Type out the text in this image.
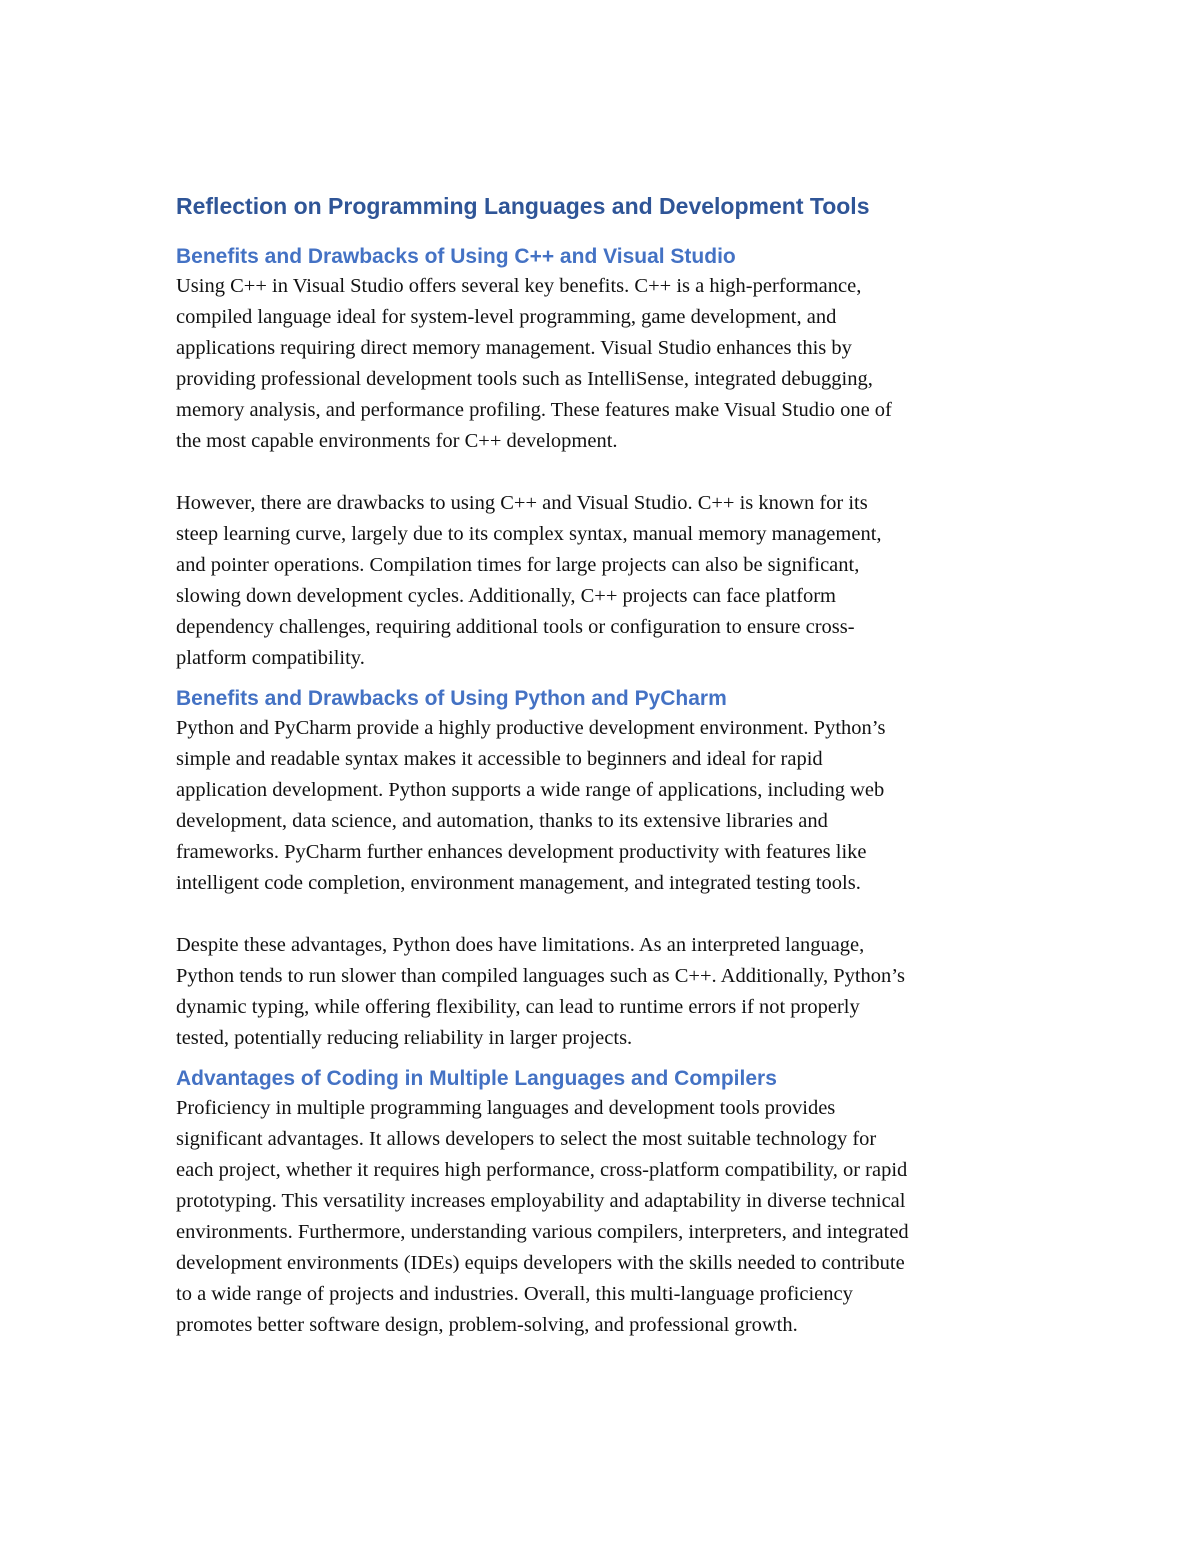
Reflection on Programming Languages and Development Tools
Benefits and Drawbacks of Using C++ and Visual Studio

Using C++ in Visual Studio offers several key benefits. C++ is a high-performance,
compiled language ideal for system-level programming, game development, and
applications requiring direct memory management. Visual Studio enhances this by
providing professional development tools such as IntelliSense, integrated debugging,
memory analysis, and performance profiling. These features make Visual Studio one of
the most capable environments for C++ development.

However, there are drawbacks to using C++ and Visual Studio. C++ is known for its
steep learning curve, largely due to its complex syntax, manual memory management,
and pointer operations. Compilation times for large projects can also be significant,
slowing down development cycles. Additionally, C++ projects can face platform
dependency challenges, requiring additional tools or configuration to ensure cross-
platform compatibility.

Benefits and Drawbacks of Using Python and PyCharm

Python and PyCharm provide a highly productive development environment. Python’s
simple and readable syntax makes it accessible to beginners and ideal for rapid
application development. Python supports a wide range of applications, including web
development, data science, and automation, thanks to its extensive libraries and
frameworks. PyCharm further enhances development productivity with features like
intelligent code completion, environment management, and integrated testing tools.

Despite these advantages, Python does have limitations. As an interpreted language,
Python tends to run slower than compiled languages such as C++. Additionally, Python’s
dynamic typing, while offering flexibility, can lead to runtime errors if not properly
tested, potentially reducing reliability in larger projects.

Advantages of Coding in Multiple Languages and Compilers

Proficiency in multiple programming languages and development tools provides
significant advantages. It allows developers to select the most suitable technology for
each project, whether it requires high performance, cross-platform compatibility, or rapid
prototyping. This versatility increases employability and adaptability in diverse technical
environments. Furthermore, understanding various compilers, interpreters, and integrated
development environments (IDEs) equips developers with the skills needed to contribute
to a wide range of projects and industries. Overall, this multi-language proficiency
promotes better software design, problem-solving, and professional growth.
